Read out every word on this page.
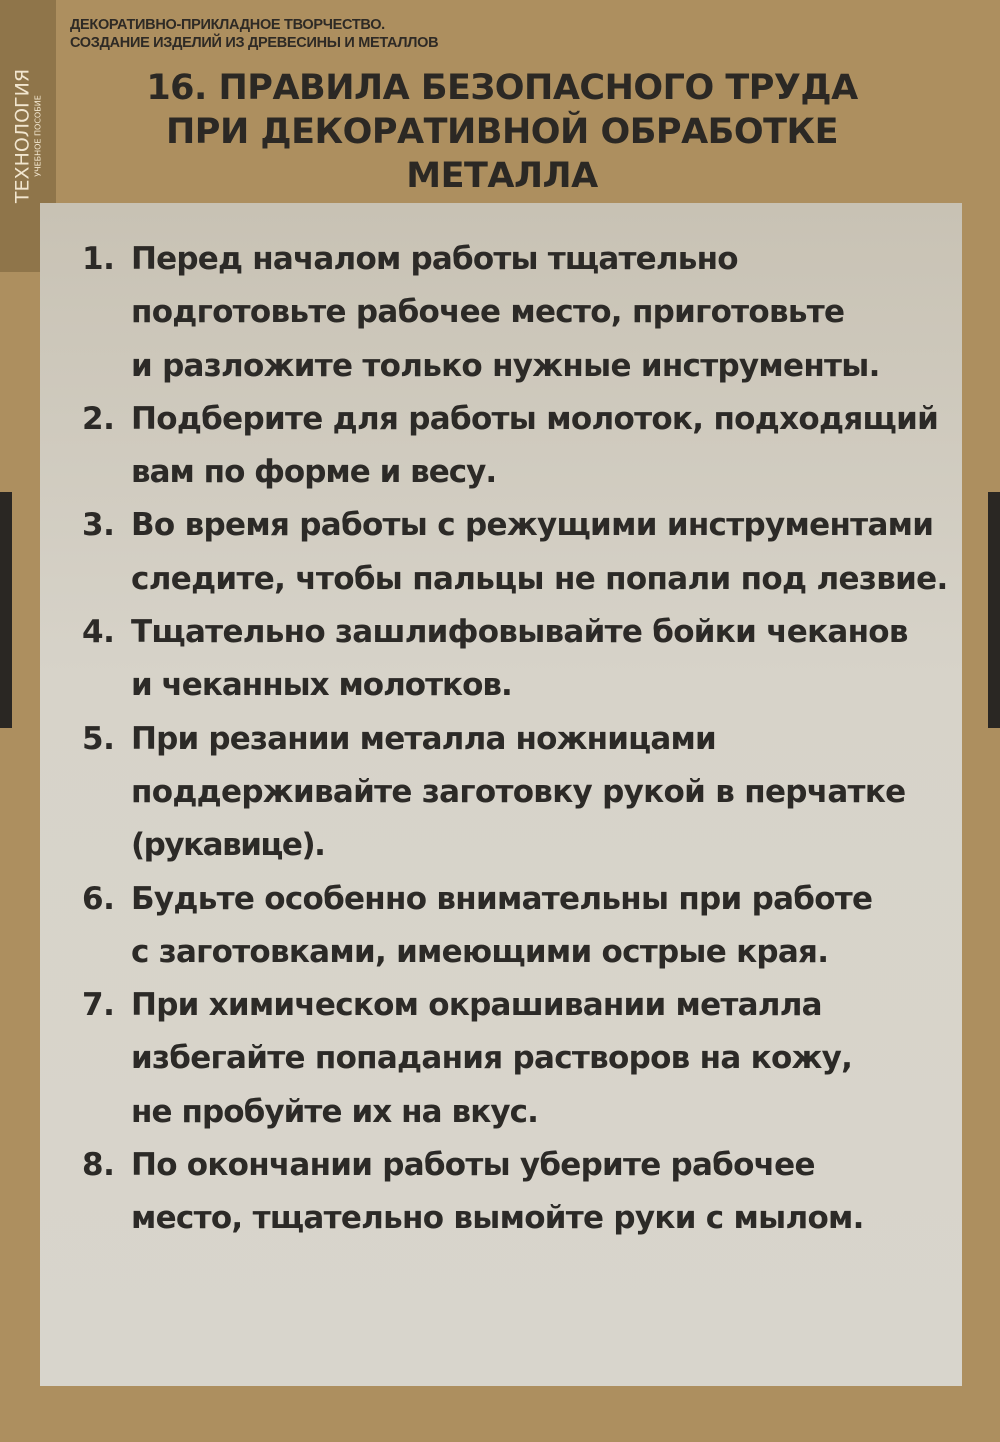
ТЕХНОЛОГИЯ УЧЕБНОЕ ПОСОБИЕ
ДЕКОРАТИВНО-ПРИКЛАДНОЕ ТВОРЧЕСТВО.
СОЗДАНИЕ ИЗДЕЛИЙ ИЗ ДРЕВЕСИНЫ И МЕТАЛЛОВ
16. ПРАВИЛА БЕЗОПАСНОГО ТРУДА
ПРИ ДЕКОРАТИВНОЙ ОБРАБОТКЕ
МЕТАЛЛА
1. Перед началом работы тщательно
подготовьте рабочее место, приготовьте
и разложите только нужные инструменты.
2. Подберите для работы молоток, подходящий
вам по форме и весу.
3. Во время работы с режущими инструментами
следите, чтобы пальцы не попали под лезвие.
4. Тщательно зашлифовывайте бойки чеканов
и чеканных молотков.
5. При резании металла ножницами
поддерживайте заготовку рукой в перчатке
(рукавице).
6. Будьте особенно внимательны при работе
с заготовками, имеющими острые края.
7. При химическом окрашивании металла
избегайте попадания растворов на кожу,
не пробуйте их на вкус.
8. По окончании работы уберите рабочее
место, тщательно вымойте руки с мылом.
